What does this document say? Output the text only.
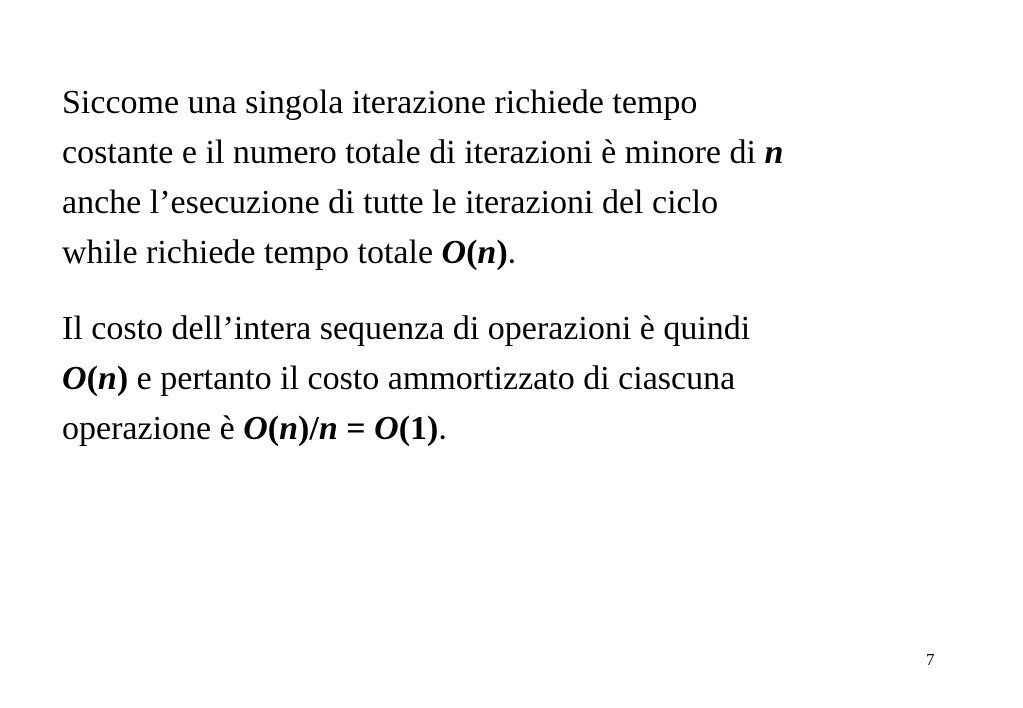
Siccome una singola iterazione richiede tempo
costante e il numero totale di iterazioni è minore di n
anche l’esecuzione di tutte le iterazioni del ciclo
while richiede tempo totale O(n).

Il costo dell’intera sequenza di operazioni è quindi
O(n) e pertanto il costo ammortizzato di ciascuna
operazione è O(n)/n = O(1).

7
